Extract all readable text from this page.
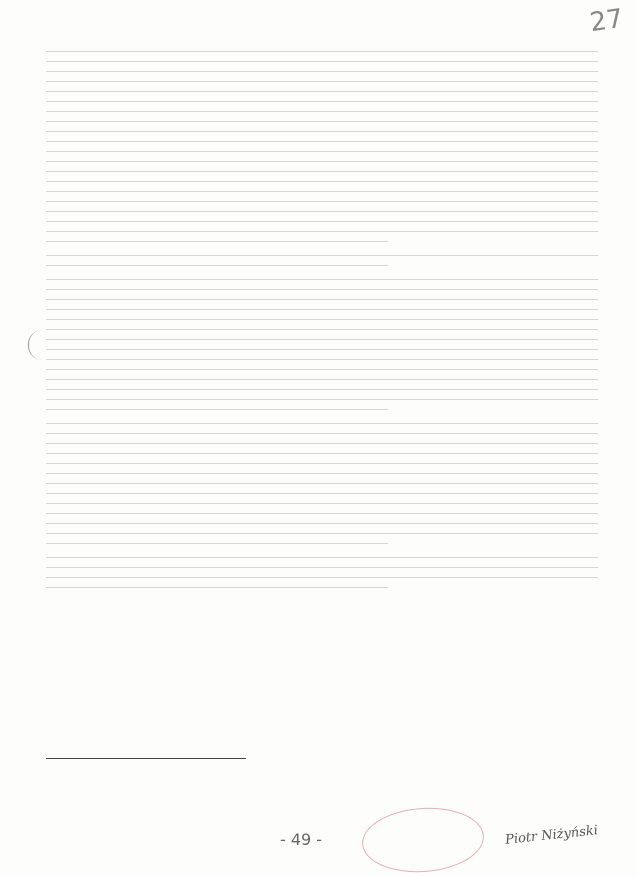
27

- 49 -	Piotr Niżyński
